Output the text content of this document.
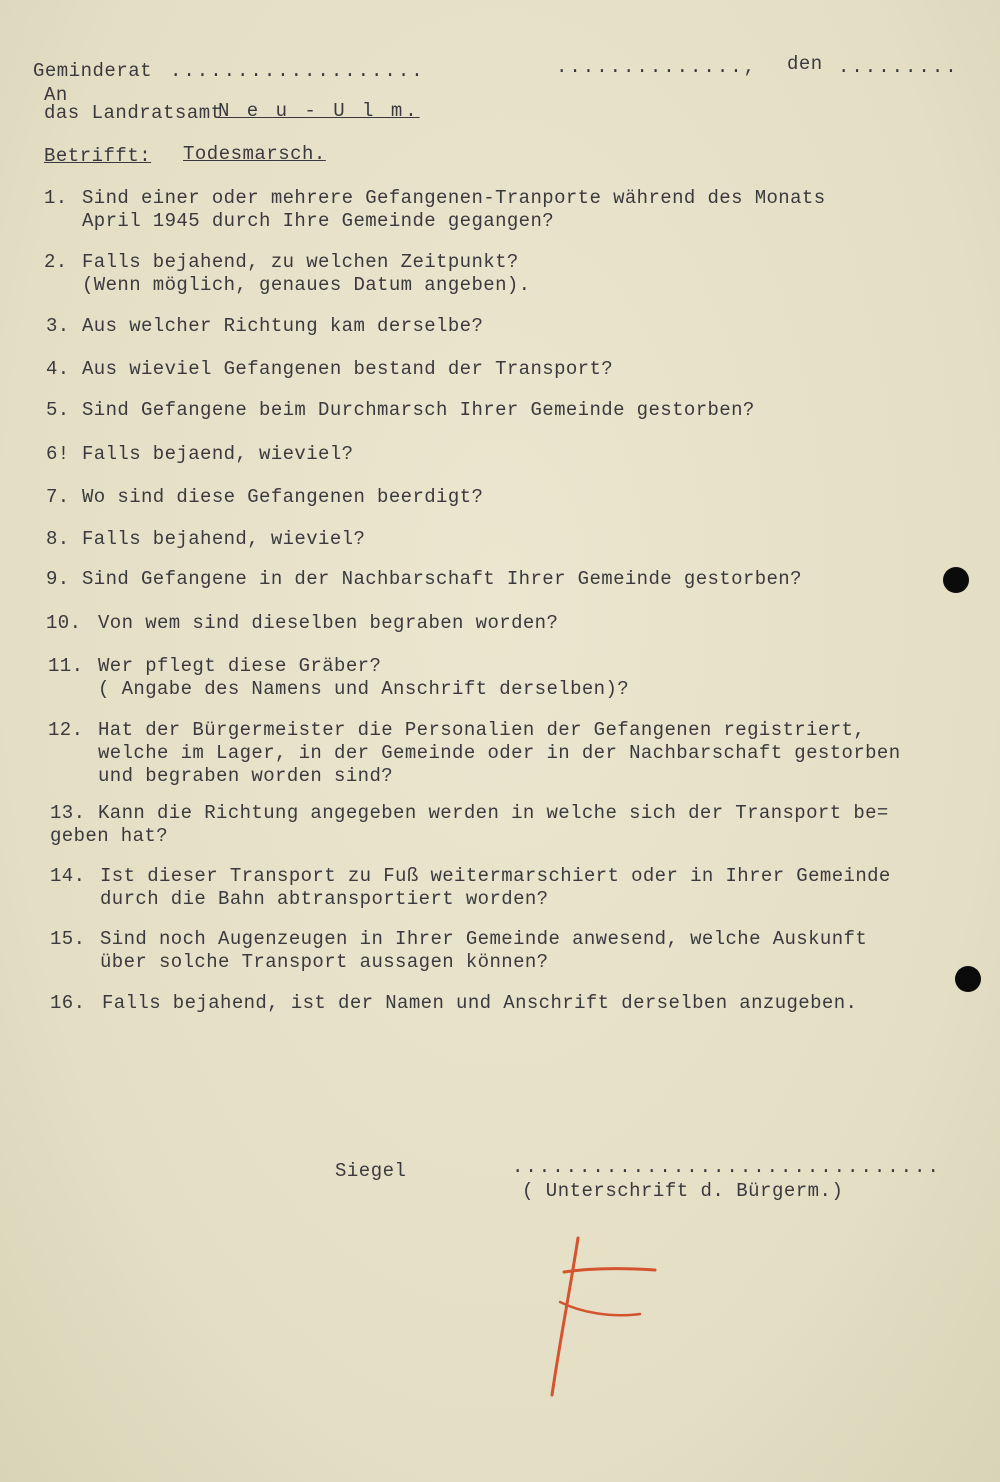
Geminderat ...................	.............., den .........
An
das Landratsamt
N e u - U l m.
Betrifft: Todesmarsch.
1. Sind einer oder mehrere Gefangenen-Tranporte während des Monats
April 1945 durch Ihre Gemeinde gegangen?
2. Falls bejahend, zu welchen Zeitpunkt?
(Wenn möglich, genaues Datum angeben).
3. Aus welcher Richtung kam derselbe?
4. Aus wieviel Gefangenen bestand der Transport?
5. Sind Gefangene beim Durchmarsch Ihrer Gemeinde gestorben?
6! Falls bejaend, wieviel?
7. Wo sind diese Gefangenen beerdigt?
8. Falls bejahend, wieviel?
9. Sind Gefangene in der Nachbarschaft Ihrer Gemeinde gestorben?
10. Von wem sind dieselben begraben worden?
11. Wer pflegt diese Gräber?
( Angabe des Namens und Anschrift derselben)?
12. Hat der Bürgermeister die Personalien der Gefangenen registriert,
welche im Lager, in der Gemeinde oder in der Nachbarschaft gestorben
und begraben worden sind?
13. Kann die Richtung angegeben werden in welche sich der Transport be=
geben hat?
14. Ist dieser Transport zu Fuß weitermarschiert oder in Ihrer Gemeinde
durch die Bahn abtransportiert worden?
15. Sind noch Augenzeugen in Ihrer Gemeinde anwesend, welche Auskunft
über solche Transport aussagen können?
16. Falls bejahend, ist der Namen und Anschrift derselben anzugeben.
Siegel	................................
( Unterschrift d. Bürgerm.)
